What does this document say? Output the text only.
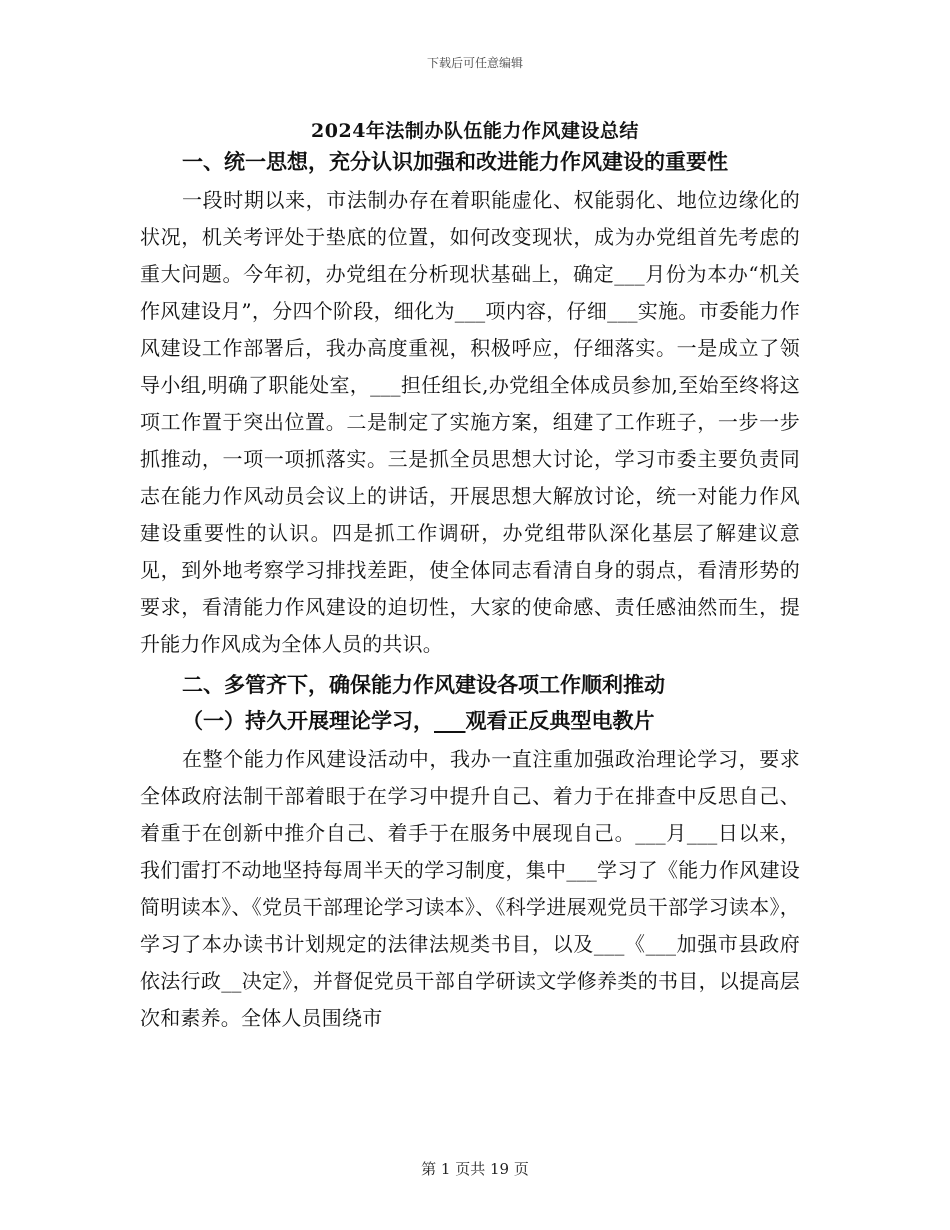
下载后可任意编辑
2024年法制办队伍能力作风建设总结

一、统一思想，充分认识加强和改进能力作风建设的重要性

一段时期以来，市法制办存在着职能虚化、权能弱化、地位边缘化的状况，机关考评处于垫底的位置，如何改变现状，成为办党组首先考虑的重大问题。今年初，办党组在分析现状基础上，确定___月份为本办“机关作风建设月”，分四个阶段，细化为___项内容，仔细___实施。市委能力作风建设工作部署后，我办高度重视，积极呼应，仔细落实。一是成立了领导小组,明确了职能处室，___担任组长,办党组全体成员参加,至始至终将这项工作置于突出位置。二是制定了实施方案，组建了工作班子，一步一步抓推动，一项一项抓落实。三是抓全员思想大讨论，学习市委主要负责同志在能力作风动员会议上的讲话，开展思想大解放讨论，统一对能力作风建设重要性的认识。四是抓工作调研，办党组带队深化基层了解建议意见，到外地考察学习排找差距，使全体同志看清自身的弱点，看清形势的要求，看清能力作风建设的迫切性，大家的使命感、责任感油然而生，提升能力作风成为全体人员的共识。

二、多管齐下，确保能力作风建设各项工作顺利推动

（一）持久开展理论学习，___观看正反典型电教片

在整个能力作风建设活动中，我办一直注重加强政治理论学习，要求全体政府法制干部着眼于在学习中提升自己、着力于在排查中反思自己、着重于在创新中推介自己、着手于在服务中展现自己。___月___日以来，我们雷打不动地坚持每周半天的学习制度，集中___学习了《能力作风建设简明读本》、《党员干部理论学习读本》、《科学进展观党员干部学习读本》，学习了本办读书计划规定的法律法规类书目，以及___《___加强市县政府依法行政__决定》，并督促党员干部自学研读文学修养类的书目，以提高层次和素养。全体人员围绕市

第 1 页共 19 页
